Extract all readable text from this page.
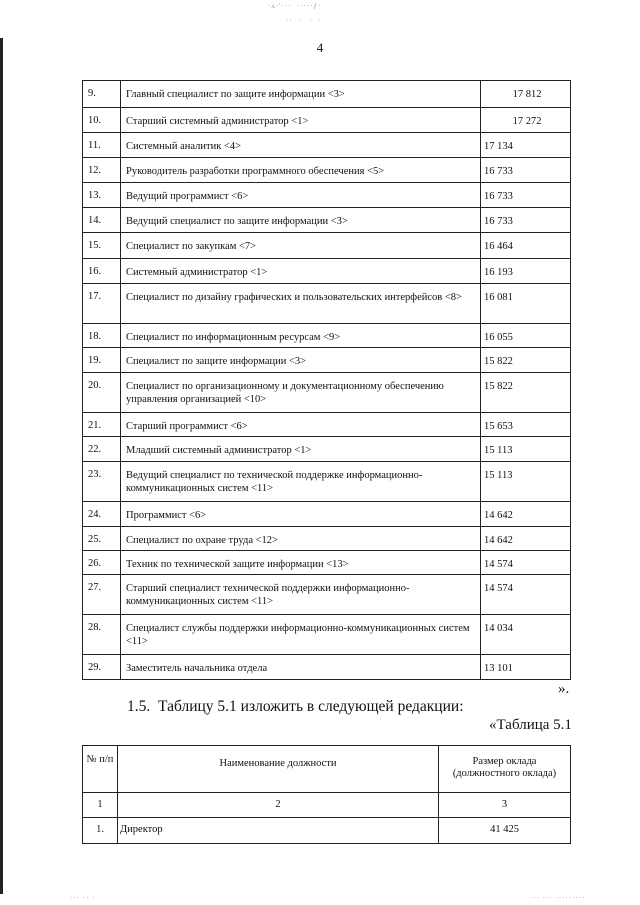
·ʌ·'···  ·····ƒ·
··  ·   ·  ·
4
9.	Главный специалист по защите информации <3>	17 812
10.	Старший системный администратор <1>	17 272
11.	Системный аналитик <4>	17 134
12.	Руководитель разработки программного обеспечения <5>	16 733
13.	Ведущий программист <6>	16 733
14.	Ведущий специалист по защите информации <3>	16 733
15.	Специалист по закупкам <7>	16 464
16.	Системный администратор <1>	16 193
17.	Специалист по дизайну графических и пользовательских интерфейсов <8>	16 081
18.	Специалист по информационным ресурсам <9>	16 055
19.	Специалист по защите информации <3>	15 822
20.	Специалист по организационному и документационному обеспечению управления организацией <10>	15 822
21.	Старший программист <6>	15 653
22.	Младший системный администратор <1>	15 113
23.	Ведущий специалист по технической поддержке информационно-коммуникационных систем <11>	15 113
24.	Программист <6>	14 642
25.	Специалист по охране труда <12>	14 642
26.	Техник по технической защите информации <13>	14 574
27.	Старший специалист технической поддержки информационно-коммуникационных систем <11>	14 574
28.	Специалист службы поддержки информационно-коммуникационных систем <11>	14 034
29.	Заместитель начальника отдела	13 101
».
1.5.  Таблицу 5.1 изложить в следующей редакции:
«Таблица 5.1
№ п/п	Наименование должности	Размер оклада (должностного оклада)
1	2	3
1.	Директор	41 425
··· ·· ·	··· ··· ·········
